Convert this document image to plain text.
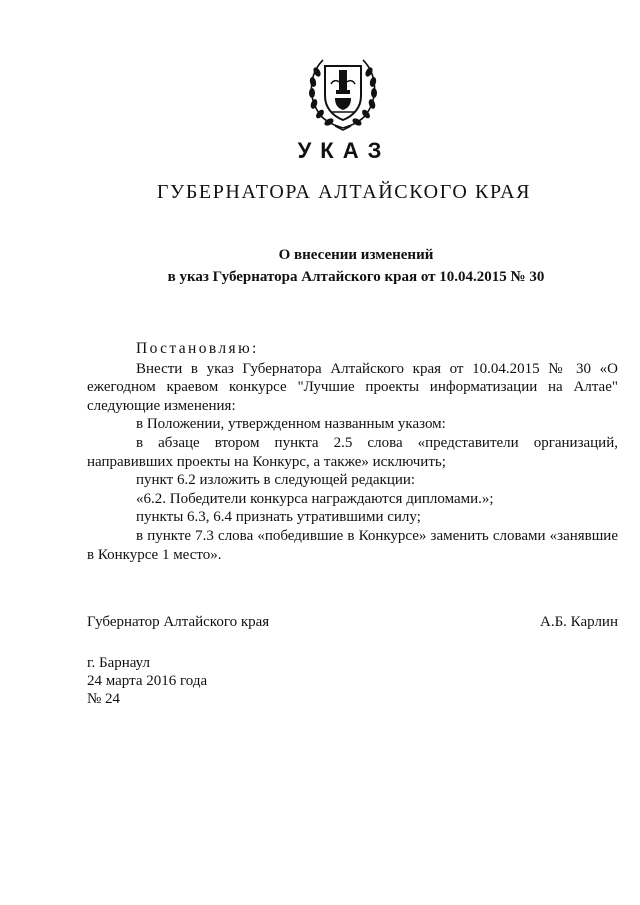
УКАЗ
ГУБЕРНАТОРА АЛТАЙСКОГО КРАЯ
О внесении изменений
в указ Губернатора Алтайского края от 10.04.2015 № 30
Постановляю:
Внести в указ Губернатора Алтайского края от 10.04.2015 № 30 «О ежегодном краевом конкурсе "Лучшие проекты информатизации на Алтае" следующие изменения:
в Положении, утвержденном названным указом:
в абзаце втором пункта 2.5 слова «представители организаций, направивших проекты на Конкурс, а также» исключить;
пункт 6.2 изложить в следующей редакции:
«6.2. Победители конкурса награждаются дипломами.»;
пункты 6.3, 6.4 признать утратившими силу;
в пункте 7.3 слова «победившие в Конкурсе» заменить словами «занявшие в Конкурсе 1 место».
Губернатор Алтайского края	А.Б. Карлин
г. Барнаул
24 марта 2016 года
№ 24
